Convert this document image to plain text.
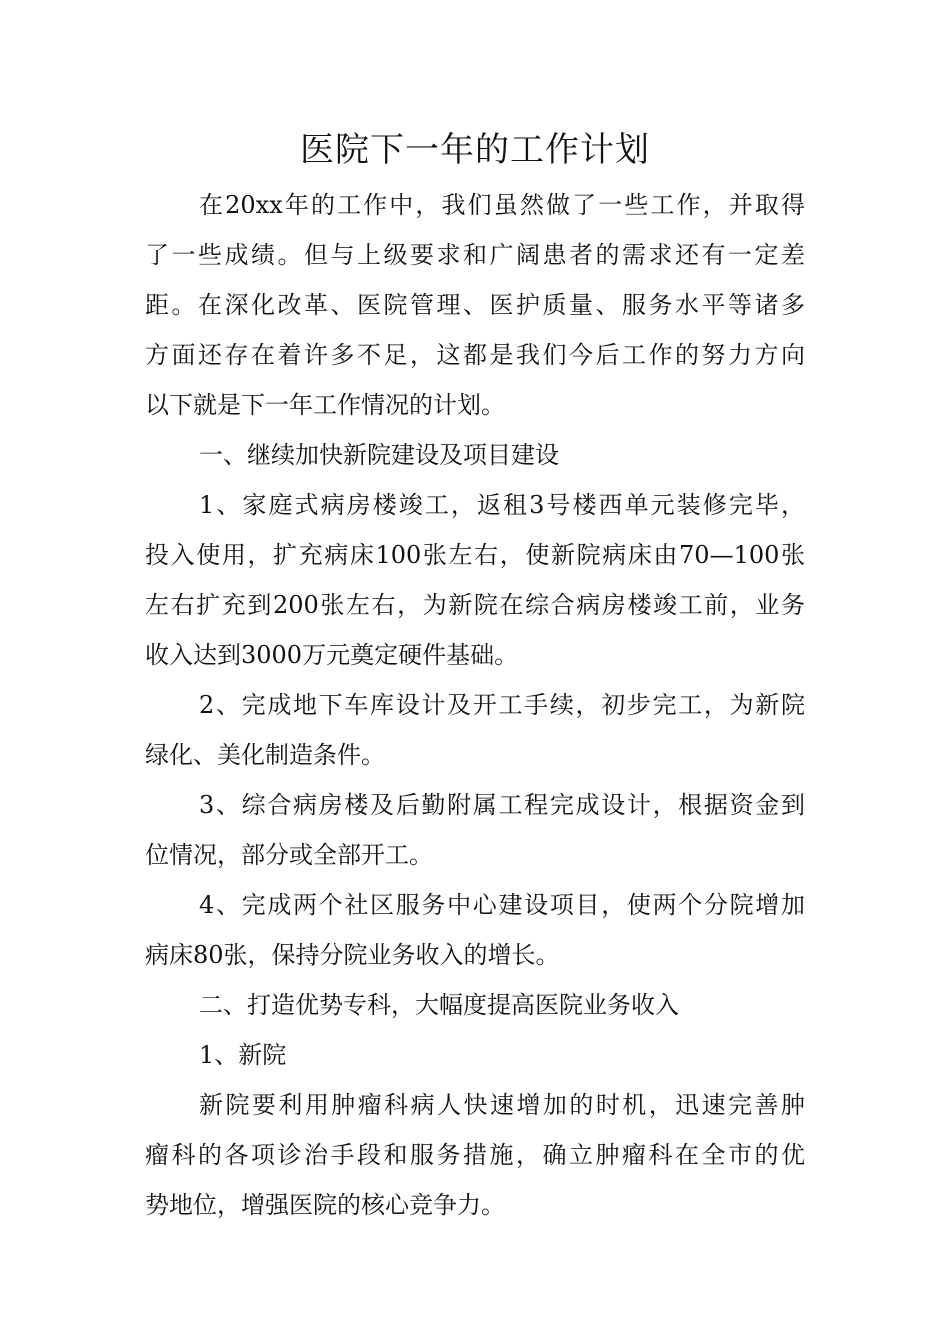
医院下一年的工作计划
在20xx年的工作中，我们虽然做了一些工作，并取得
了一些成绩。但与上级要求和广阔患者的需求还有一定差
距。在深化改革、医院管理、医护质量、服务水平等诸多
方面还存在着许多不足，这都是我们今后工作的努力方向
以下就是下一年工作情况的计划。
一、继续加快新院建设及项目建设
1、家庭式病房楼竣工，返租3号楼西单元装修完毕，
投入使用，扩充病床100张左右，使新院病床由70—100张
左右扩充到200张左右，为新院在综合病房楼竣工前，业务
收入达到3000万元奠定硬件基础。
2、完成地下车库设计及开工手续，初步完工，为新院
绿化、美化制造条件。
3、综合病房楼及后勤附属工程完成设计，根据资金到
位情况，部分或全部开工。
4、完成两个社区服务中心建设项目，使两个分院增加
病床80张，保持分院业务收入的增长。
二、打造优势专科，大幅度提高医院业务收入
1、新院
新院要利用肿瘤科病人快速增加的时机，迅速完善肿
瘤科的各项诊治手段和服务措施，确立肿瘤科在全市的优
势地位，增强医院的核心竞争力。
